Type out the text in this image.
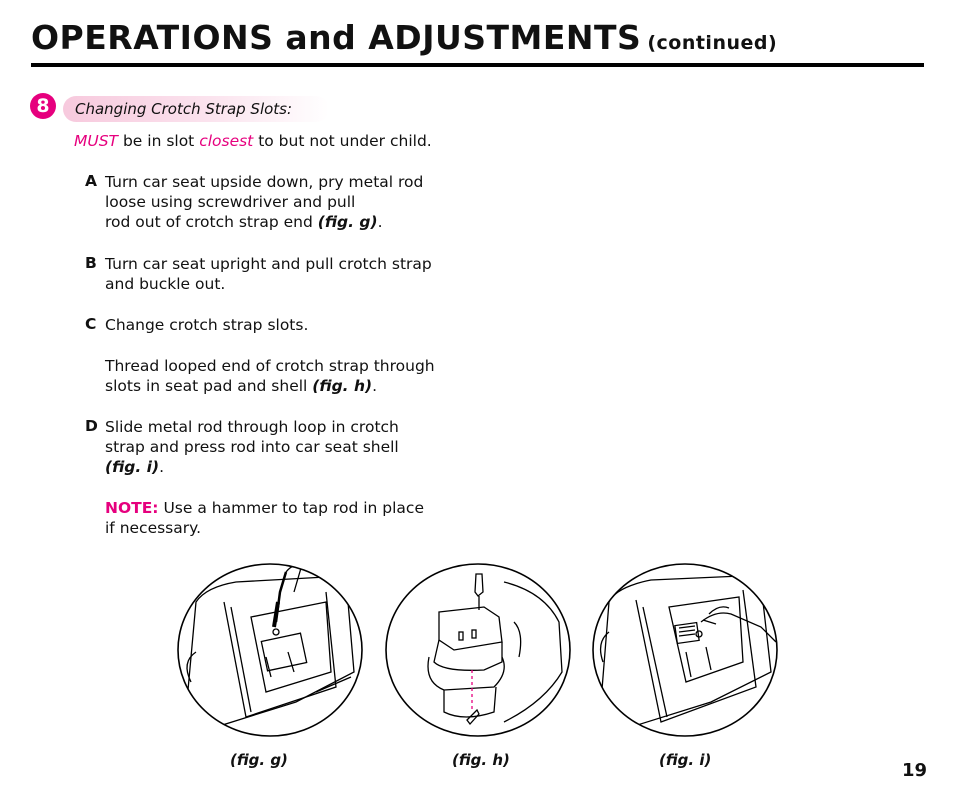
OPERATIONS and ADJUSTMENTS (continued)
8	Changing Crotch Strap Slots:
MUST be in slot closest to but not under child.
A Turn car seat upside down, pry metal rod
loose using screwdriver and pull
rod out of crotch strap end (fig. g).
B Turn car seat upright and pull crotch strap
and buckle out.
C Change crotch strap slots.
Thread looped end of crotch strap through
slots in seat pad and shell (fig. h).
D Slide metal rod through loop in crotch
strap and press rod into car seat shell
(fig. i).
NOTE: Use a hammer to tap rod in place
if necessary.
(fig. g)	(fig. h)	(fig. i)	19
